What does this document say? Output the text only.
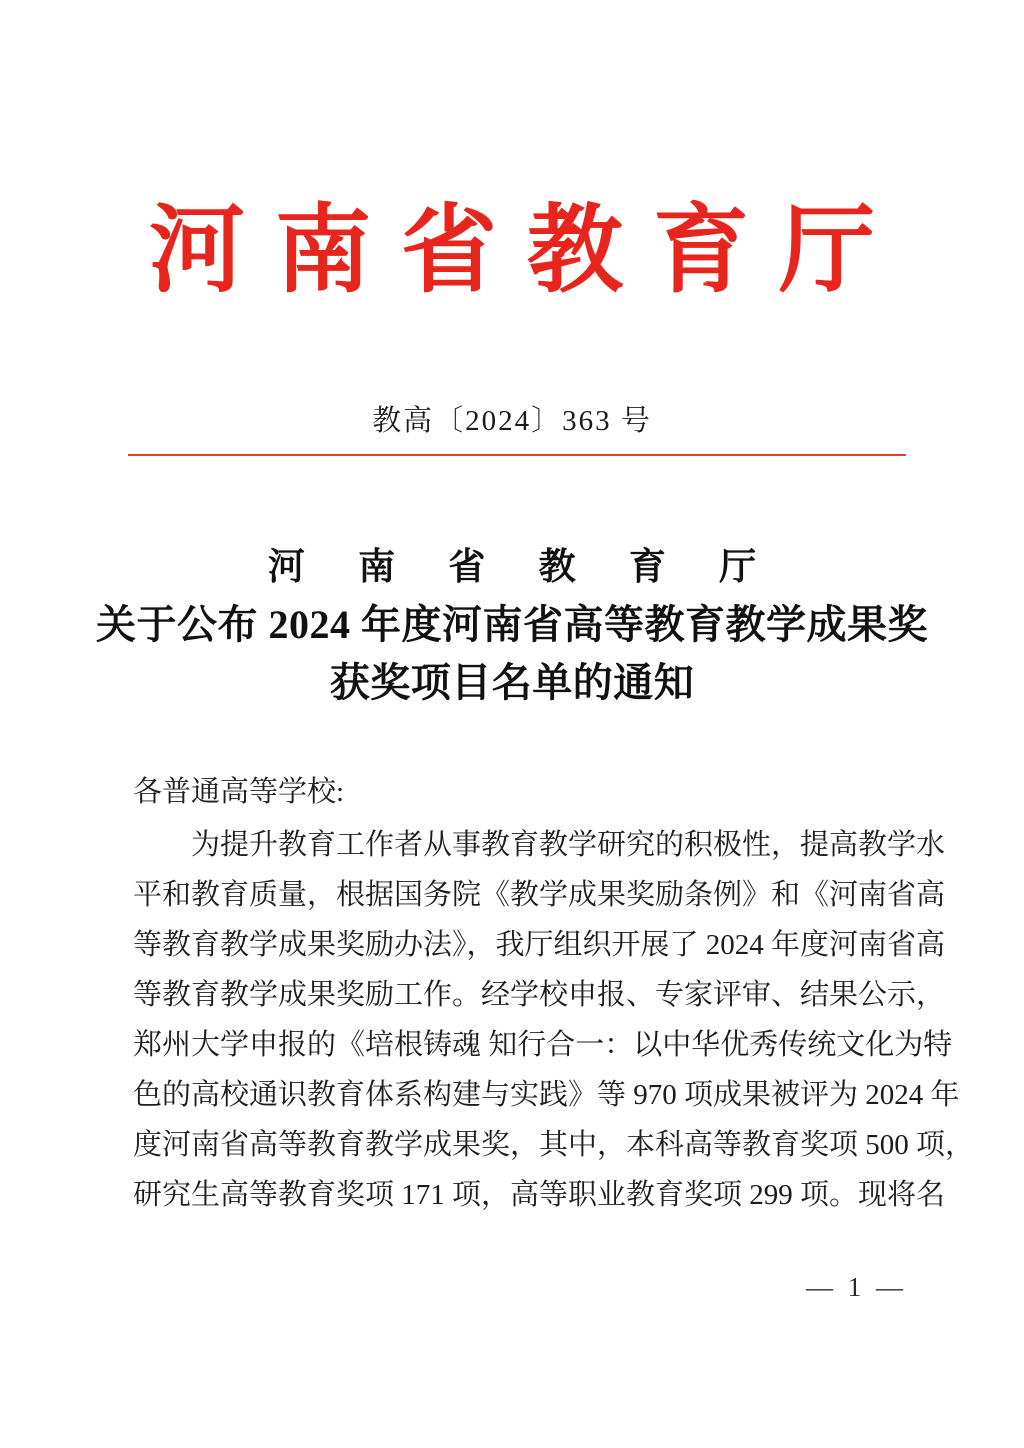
河南省教育厅
教高〔2024〕363 号
河 南 省 教 育 厅
关于公布 2024 年度河南省高等教育教学成果奖
获奖项目名单的通知
各普通高等学校:
为提升教育工作者从事教育教学研究的积极性，提高教学水
平和教育质量，根据国务院《教学成果奖励条例》和《河南省高
等教育教学成果奖励办法》，我厅组织开展了 2024 年度河南省高
等教育教学成果奖励工作。经学校申报、专家评审、结果公示，
郑州大学申报的《培根铸魂 知行合一：以中华优秀传统文化为特
色的高校通识教育体系构建与实践》等 970 项成果被评为 2024 年
度河南省高等教育教学成果奖，其中，本科高等教育奖项 500 项，
研究生高等教育奖项 171 项，高等职业教育奖项 299 项。现将名
— 1 —
